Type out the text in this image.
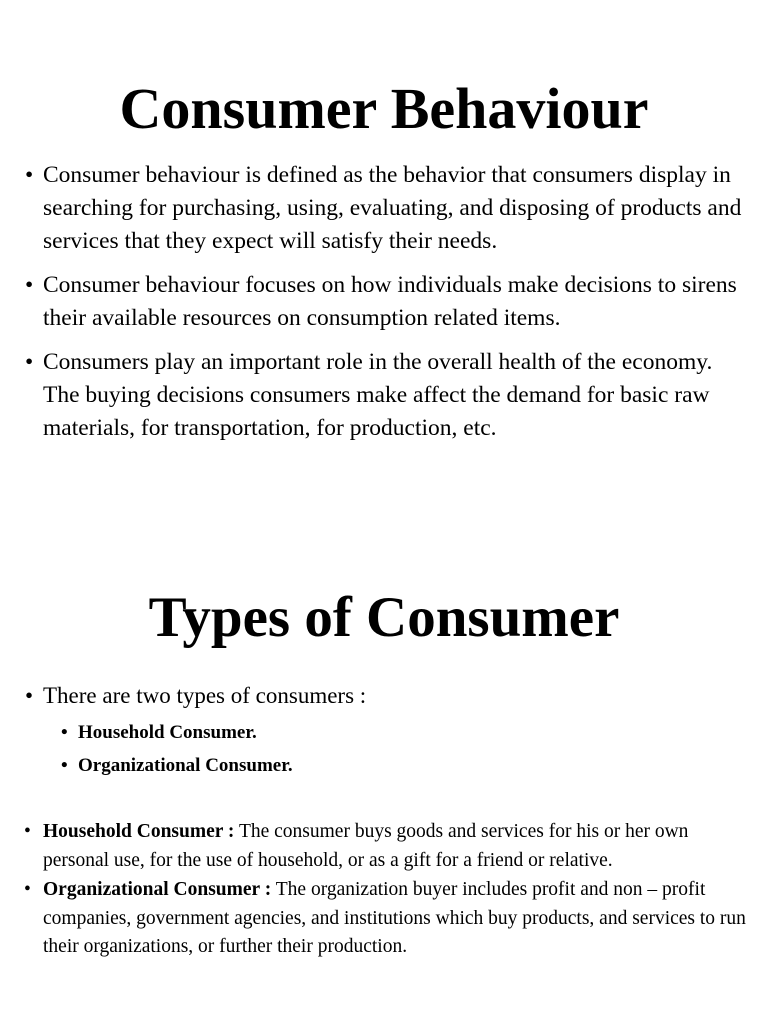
Consumer Behaviour
• Consumer behaviour is defined as the behavior that consumers display in searching for purchasing, using, evaluating, and disposing of products and services that they expect will satisfy their needs.
• Consumer behaviour focuses on how individuals make decisions to sirens their available resources on consumption related items.
• Consumers play an important role in the overall health of the economy. The buying decisions consumers make affect the demand for basic raw materials, for transportation, for production, etc.
Types of Consumer
• There are two types of consumers :
• Household Consumer.
• Organizational Consumer.
• Household Consumer : The consumer buys goods and services for his or her own personal use, for the use of household, or as a gift for a friend or relative.
• Organizational Consumer : The organization buyer includes profit and non – profit companies, government agencies, and institutions which buy products, and services to run their organizations, or further their production.
